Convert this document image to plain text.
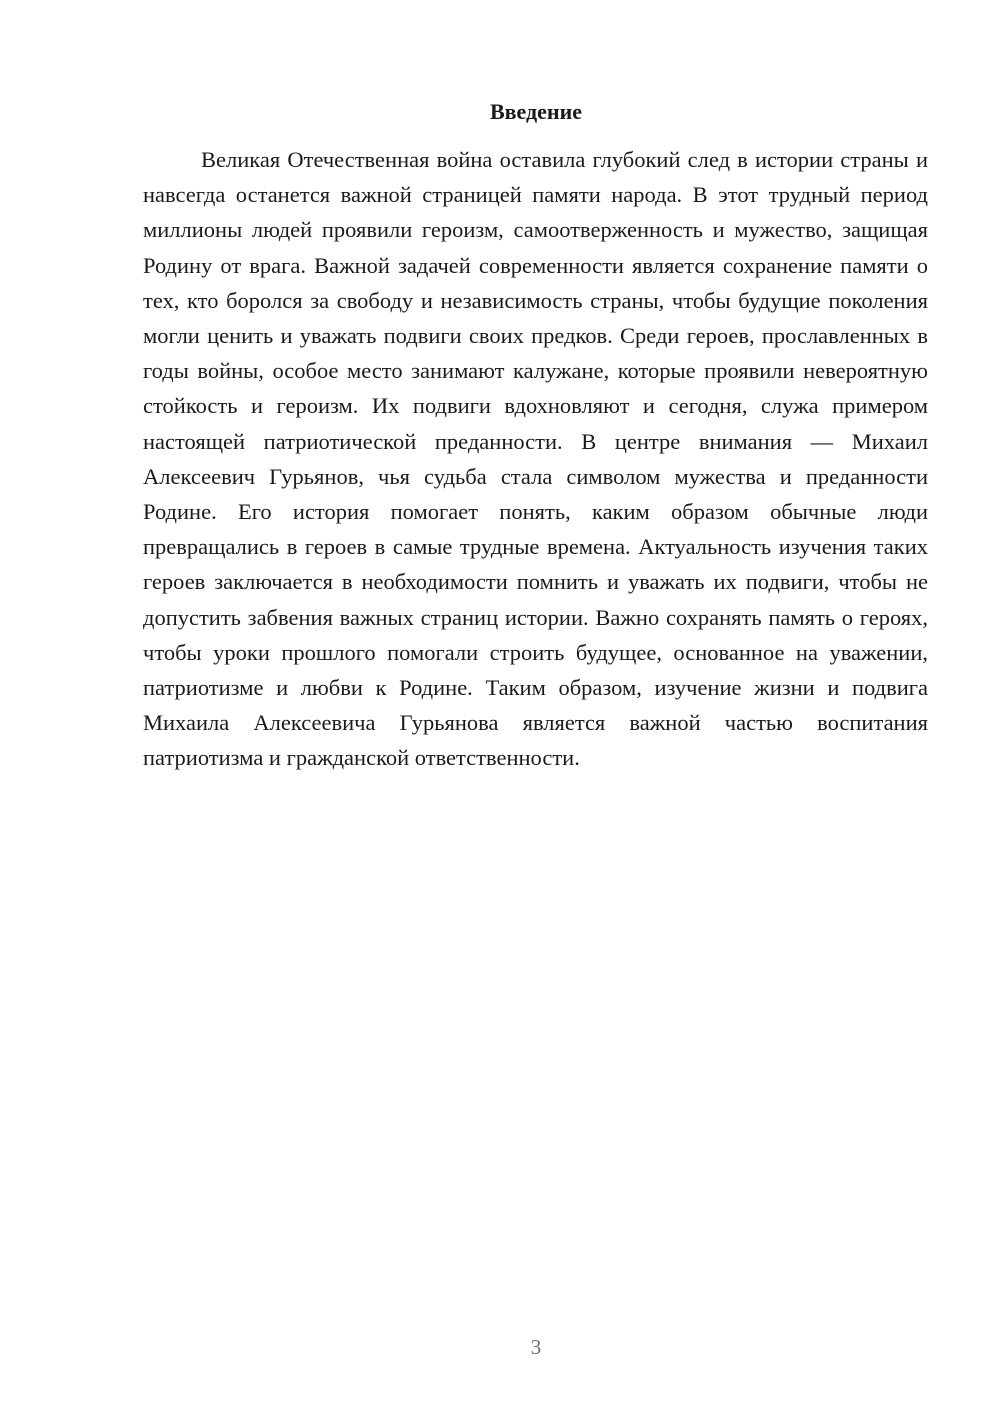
Введение

Великая Отечественная война оставила глубокий след в истории страны и навсегда останется важной страницей памяти народа. В этот трудный период миллионы людей проявили героизм, самоотверженность и мужество, защищая Родину от врага. Важной задачей современности является сохранение памяти о тех, кто боролся за свободу и независимость страны, чтобы будущие поколения могли ценить и уважать подвиги своих предков. Среди героев, прославленных в годы войны, особое место занимают калужане, которые проявили невероятную стойкость и героизм. Их подвиги вдохновляют и сегодня, служа примером настоящей патриотической преданности. В центре внимания — Михаил Алексеевич Гурьянов, чья судьба стала символом мужества и преданности Родине. Его история помогает понять, каким образом обычные люди превращались в героев в самые трудные времена. Актуальность изучения таких героев заключается в необходимости помнить и уважать их подвиги, чтобы не допустить забвения важных страниц истории. Важно сохранять память о героях, чтобы уроки прошлого помогали строить будущее, основанное на уважении, патриотизме и любви к Родине. Таким образом, изучение жизни и подвига Михаила Алексеевича Гурьянова является важной частью воспитания патриотизма и гражданской ответственности.

3
